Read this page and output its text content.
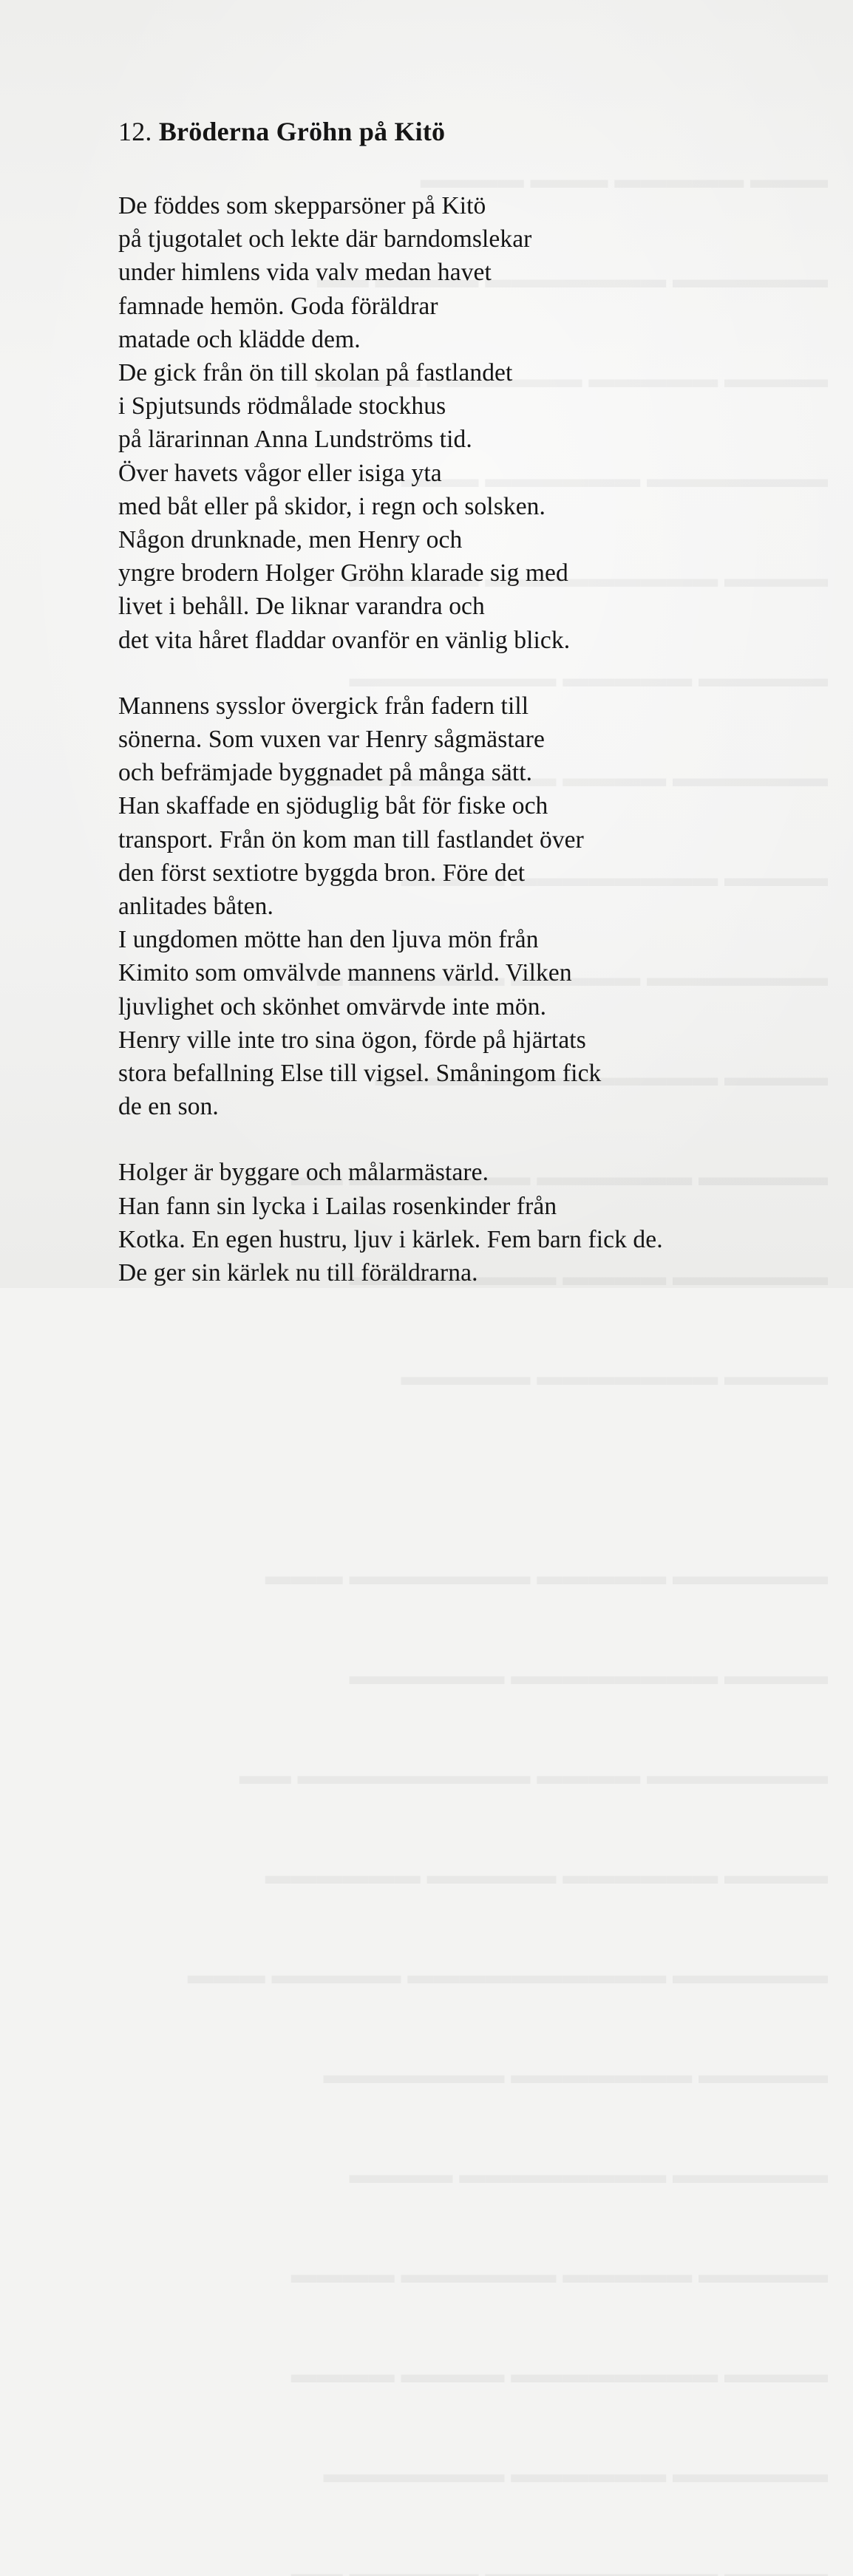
12. Bröderna Gröhn på Kitö
De föddes som skepparsöner på Kitö
på tjugotalet och lekte där barndomslekar
under himlens vida valv medan havet
famnade hemön. Goda föräldrar
matade och klädde dem.
De gick från ön till skolan på fastlandet
i Spjutsunds rödmålade stockhus
på lärarinnan Anna Lundströms tid.
Över havets vågor eller isiga yta
med båt eller på skidor, i regn och solsken.
Någon drunknade, men Henry och
yngre brodern Holger Gröhn klarade sig med
livet i behåll. De liknar varandra och
det vita håret fladdar ovanför en vänlig blick.
Mannens sysslor övergick från fadern till
sönerna. Som vuxen var Henry sågmästare
och befrämjade byggnadet på många sätt.
Han skaffade en sjöduglig båt för fiske och
transport. Från ön kom man till fastlandet över
den först sextiotre byggda bron. Före det
anlitades båten.
I ungdomen mötte han den ljuva mön från
Kimito som omvälvde mannens värld. Vilken
ljuvlighet och skönhet omvärvde inte mön.
Henry ville inte tro sina ögon, förde på hjärtats
stora befallning Else till vigsel. Småningom fick
de en son.
Holger är byggare och målarmästare.
Han fann sin lycka i Lailas rosenkinder från
Kotka. En egen hustru, ljuv i kärlek. Fem barn fick de.
De ger sin kärlek nu till föräldrarna.
